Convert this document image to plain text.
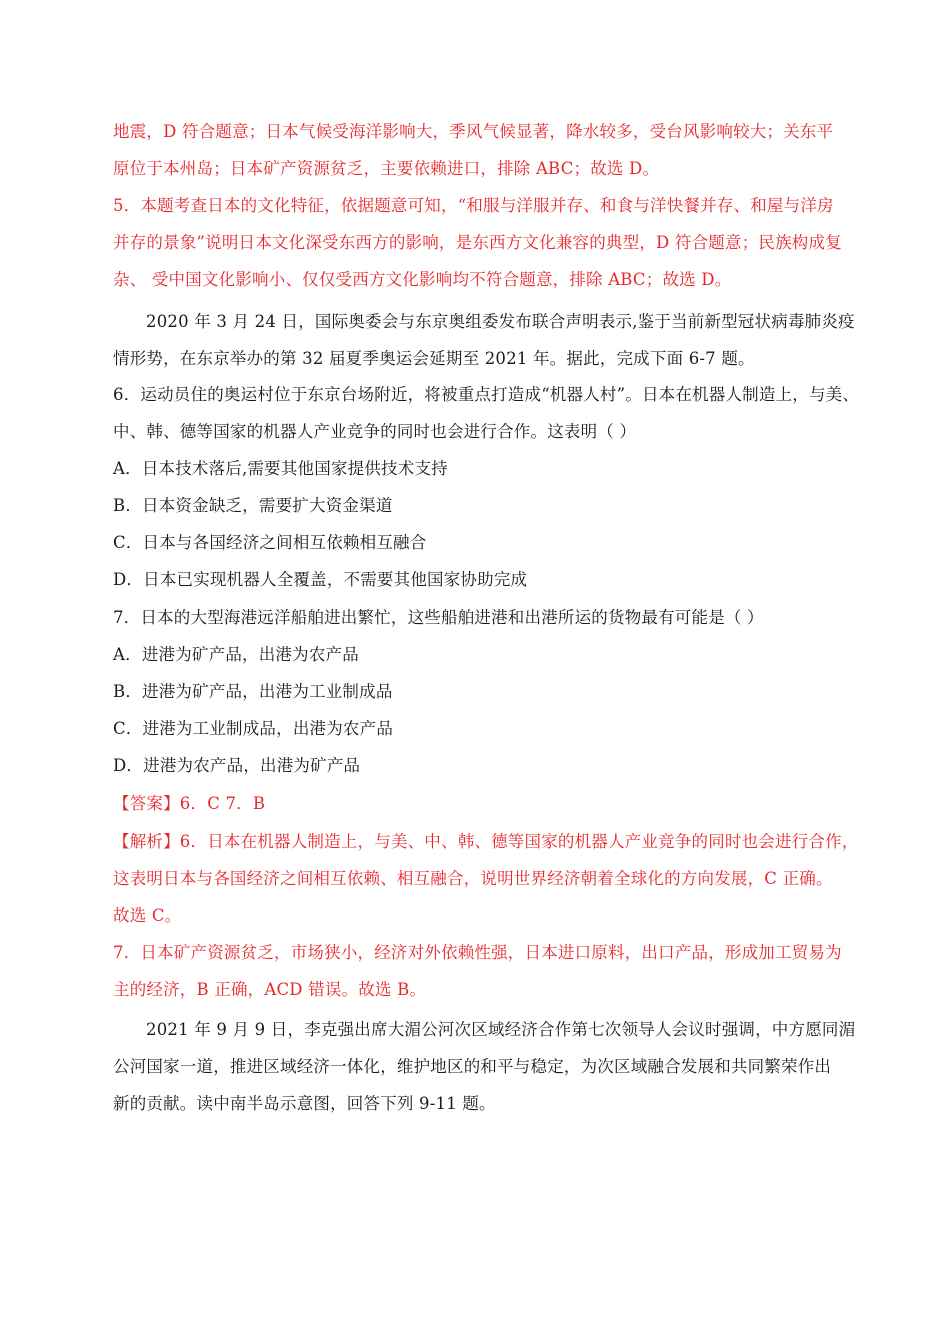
地震，D 符合题意；日本气候受海洋影响大，季风气候显著，降水较多，受台风影响较大；关东平
原位于本州岛；日本矿产资源贫乏，主要依赖进口，排除 ABC；故选 D。
5．本题考查日本的文化特征，依据题意可知，“和服与洋服并存、和食与洋快餐并存、和屋与洋房
并存的景象”说明日本文化深受东西方的影响，是东西方文化兼容的典型，D 符合题意；民族构成复
杂、 受中国文化影响小、仅仅受西方文化影响均不符合题意，排除 ABC；故选 D。
2020 年 3 月 24 日，国际奥委会与东京奥组委发布联合声明表示,鉴于当前新型冠状病毒肺炎疫
情形势，在东京举办的第 32 届夏季奥运会延期至 2021 年。据此，完成下面 6-7 题。
6．运动员住的奥运村位于东京台场附近，将被重点打造成“机器人村”。日本在机器人制造上，与美、
中、韩、德等国家的机器人产业竞争的同时也会进行合作。这表明（ ）
A．日本技术落后,需要其他国家提供技术支持
B．日本资金缺乏，需要扩大资金渠道
C．日本与各国经济之间相互依赖相互融合
D．日本已实现机器人全覆盖，不需要其他国家协助完成
7．日本的大型海港远洋船舶进出繁忙，这些船舶进港和出港所运的货物最有可能是（ ）
A．进港为矿产品，出港为农产品
B．进港为矿产品，出港为工业制成品
C．进港为工业制成品，出港为农产品
D．进港为农产品，出港为矿产品
【答案】6．C 7．B
【解析】6．日本在机器人制造上，与美、中、韩、德等国家的机器人产业竞争的同时也会进行合作，
这表明日本与各国经济之间相互依赖、相互融合，说明世界经济朝着全球化的方向发展，C 正确。
故选 C。
7．日本矿产资源贫乏，市场狭小，经济对外依赖性强，日本进口原料，出口产品，形成加工贸易为
主的经济，B 正确，ACD 错误。故选 B。
2021 年 9 月 9 日，李克强出席大湄公河次区域经济合作第七次领导人会议时强调，中方愿同湄
公河国家一道，推进区域经济一体化，维护地区的和平与稳定，为次区域融合发展和共同繁荣作出
新的贡献。读中南半岛示意图，回答下列 9-11 题。
